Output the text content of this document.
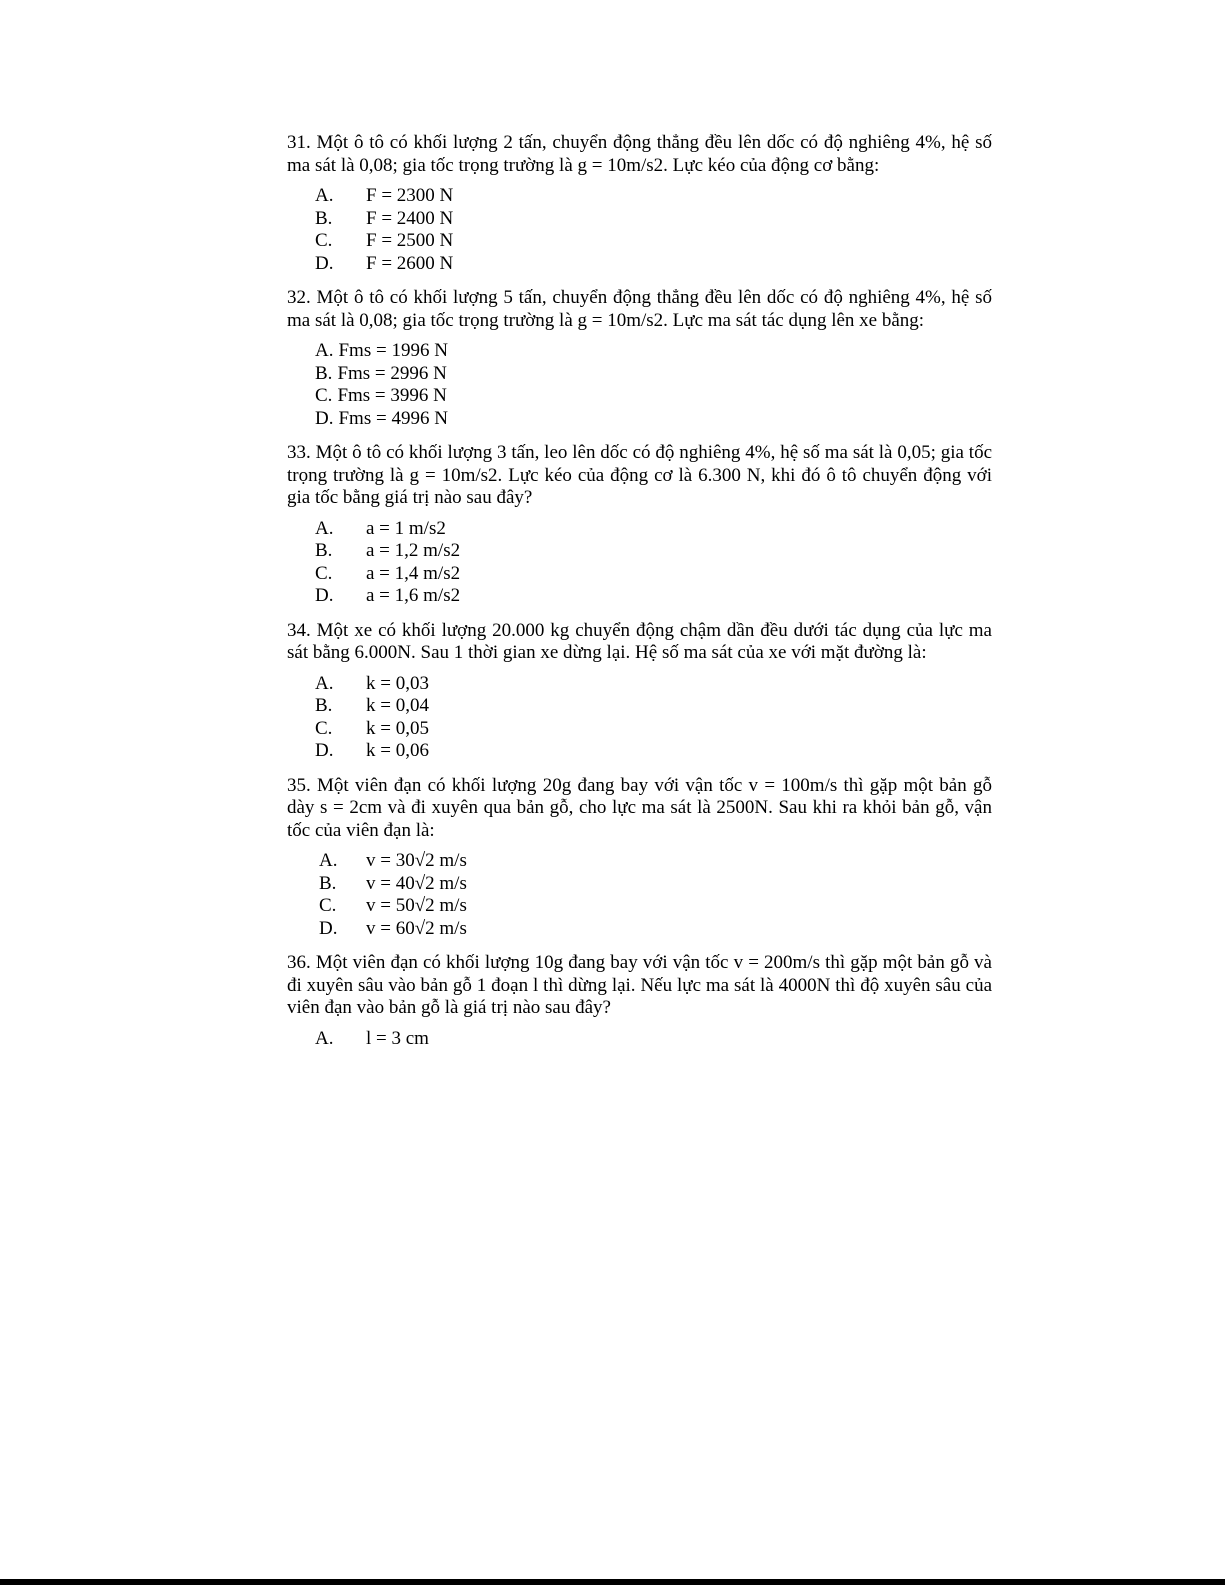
31. Một ô tô có khối lượng 2 tấn, chuyển động thẳng đều lên dốc có độ nghiêng 4%, hệ số ma sát là 0,08; gia tốc trọng trường là g = 10m/s2. Lực kéo của động cơ bằng:

A.	F = 2300 N
B.	F = 2400 N
C.	F = 2500 N
D.	F = 2600 N

32. Một ô tô có khối lượng 5 tấn, chuyển động thẳng đều lên dốc có độ nghiêng 4%, hệ số ma sát là 0,08; gia tốc trọng trường là g = 10m/s2. Lực ma sát tác dụng lên xe bằng:

A. Fms = 1996 N
B. Fms = 2996 N
C. Fms = 3996 N
D. Fms = 4996 N

33. Một ô tô có khối lượng 3 tấn, leo lên dốc có độ nghiêng 4%, hệ số ma sát là 0,05; gia tốc trọng trường là g = 10m/s2. Lực kéo của động cơ là 6.300 N, khi đó ô tô chuyển động với gia tốc bằng giá trị nào sau đây?

A.	a = 1 m/s2
B.	a = 1,2 m/s2
C.	a = 1,4 m/s2
D.	a = 1,6 m/s2

34. Một xe có khối lượng 20.000 kg chuyển động chậm dần đều dưới tác dụng của lực ma sát bằng 6.000N. Sau 1 thời gian xe dừng lại. Hệ số ma sát của xe với mặt đường là:

A.	k = 0,03
B.	k = 0,04
C.	k = 0,05
D.	k = 0,06

35. Một viên đạn có khối lượng 20g đang bay với vận tốc v = 100m/s thì gặp một bản gỗ dày s = 2cm và đi xuyên qua bản gỗ, cho lực ma sát là 2500N. Sau khi ra khỏi bản gỗ, vận tốc của viên đạn là:

A.	v = 30√2 m/s
B.	v = 40√2 m/s
C.	v = 50√2 m/s
D.	v = 60√2 m/s

36. Một viên đạn có khối lượng 10g đang bay với vận tốc v = 200m/s thì gặp một bản gỗ và đi xuyên sâu vào bản gỗ 1 đoạn l thì dừng lại. Nếu lực ma sát là 4000N thì độ xuyên sâu của viên đạn vào bản gỗ là giá trị nào sau đây?

A.	l = 3 cm
